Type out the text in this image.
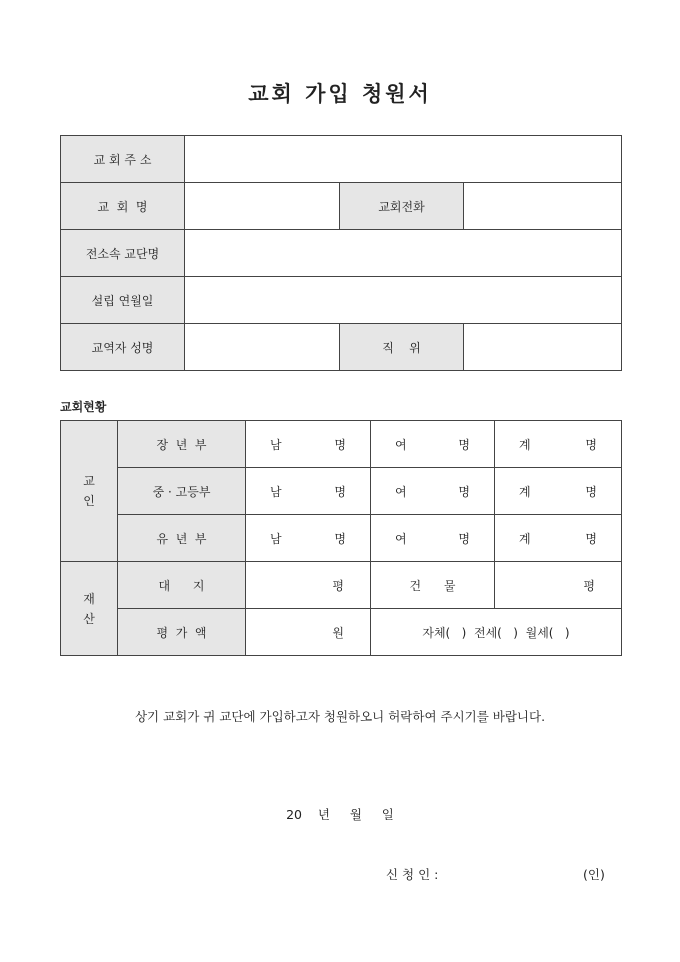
교회 가입 청원서
교 회 주 소			
교  회  명		교회전화	
전소속 교단명			
설립 연월일			
교역자 성명		직    위	
교회현황
교
인	장  년  부	남 명	여 명	계 명

	중 · 고등부	남 명	여 명	계 명

	유  년  부	남 명	여 명	계 명

재
산	대      지	평	건      물	평

	평  가  액	원	자체(   )  전세(   )  월세(   )	
상기 교회가 귀 교단에 가입하고자 청원하오니 허락하여 주시기를 바랍니다.
20    년     월     일
신 청 인 :	(인)
